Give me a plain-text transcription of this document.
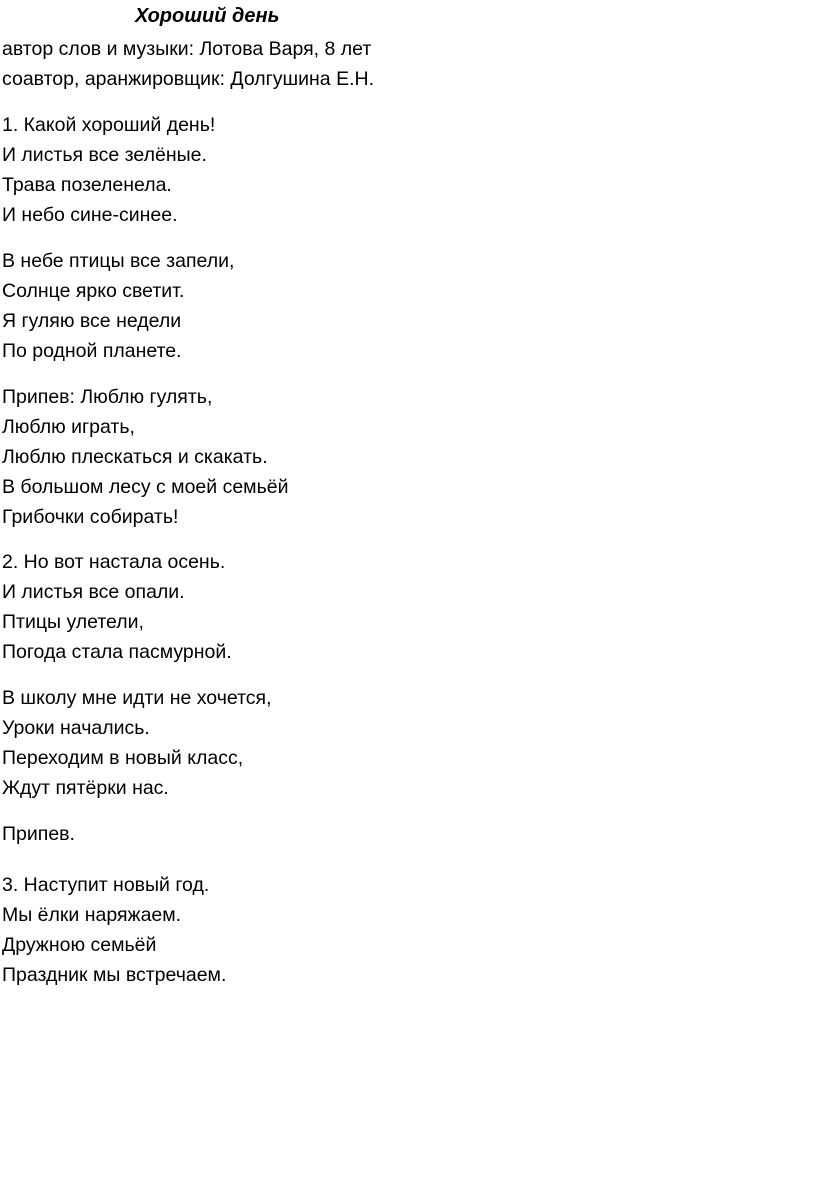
Хороший день
автор слов и музыки: Лотова Варя, 8 лет
соавтор, аранжировщик: Долгушина Е.Н.
1. Какой хороший день!
И листья все зелёные.
Трава позеленела.
И небо сине-синее.
В небе птицы все запели,
Солнце ярко светит.
Я гуляю все недели
По родной планете.
Припев: Люблю гулять,
Люблю играть,
Люблю плескаться и скакать.
В большом лесу с моей семьёй
Грибочки собирать!
2. Но вот настала осень.
И листья все опали.
Птицы улетели,
Погода стала пасмурной.
В школу мне идти не хочется,
Уроки начались.
Переходим в новый класс,
Ждут пятёрки нас.
Припев.
3. Наступит новый год.
Мы ёлки наряжаем.
Дружною семьёй
Праздник мы встречаем.
